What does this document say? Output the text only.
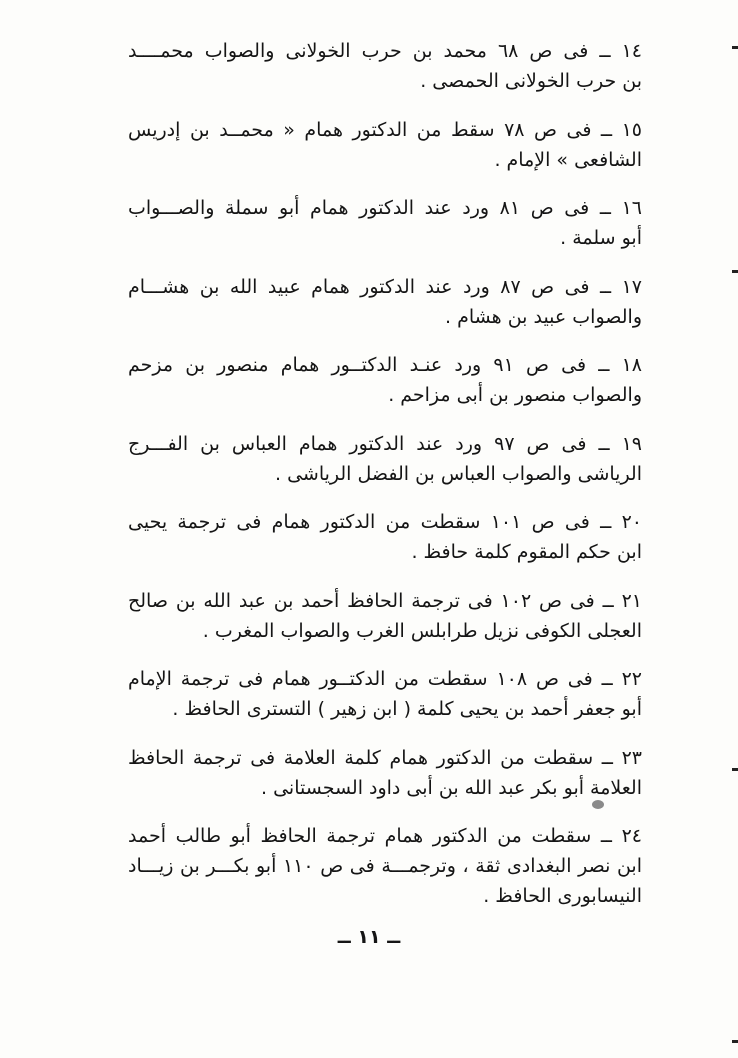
١٤ ــ فى ص ٦٨ محمد بن حرب الخولانى والصواب محمــــد
بن حرب الخولانى الحمصى .
١٥ ــ فى ص ٧٨ سقط من الدكتور همام « محمــد بن إدريس
الشافعى » الإمام .
١٦ ــ فى ص ٨١ ورد عند الدكتور همام أبو سملة والصـــواب
أبو سلمة .
١٧ ــ فى ص ٨٧ ورد عند الدكتور همام عبيد الله بن هشـــام
والصواب عبيد بن هشام .
١٨ ــ فى ص ٩١ ورد عنـد الدكتــور همام منصور بن مزحم
والصواب منصور بن أبى مزاحم .
١٩ ــ فى ص ٩٧ ورد عند الدكتور همام العباس بن الفـــرج
الرياشى والصواب العباس بن الفضل الرياشى .
٢٠ ــ فى ص ١٠١ سقطت من الدكتور همام فى ترجمة يحيى
ابن حكم المقوم كلمة حافظ .
٢١ ــ فى ص ١٠٢ فى ترجمة الحافظ أحمد بن عبد الله بن صالح
العجلى الكوفى نزيل طرابلس الغرب والصواب المغرب .
٢٢ ــ فى ص ١٠٨ سقطت من الدكتــور همام فى ترجمة الإمام
أبو جعفر أحمد بن يحيى كلمة ( ابن زهير ) التسترى الحافظ .
٢٣ ــ سقطت من الدكتور همام كلمة العلامة فى ترجمة الحافظ
العلامة أبو بكر عبد الله بن أبى داود السجستانى .
٢٤ ــ سقطت من الدكتور همام ترجمة الحافظ أبو طالب أحمد
ابن نصر البغدادى ثقة ، وترجمـــة فى ص ١١٠ أبو بكـــر بن زيـــاد
النيسابورى الحافظ .
ــ ١١ ــ
